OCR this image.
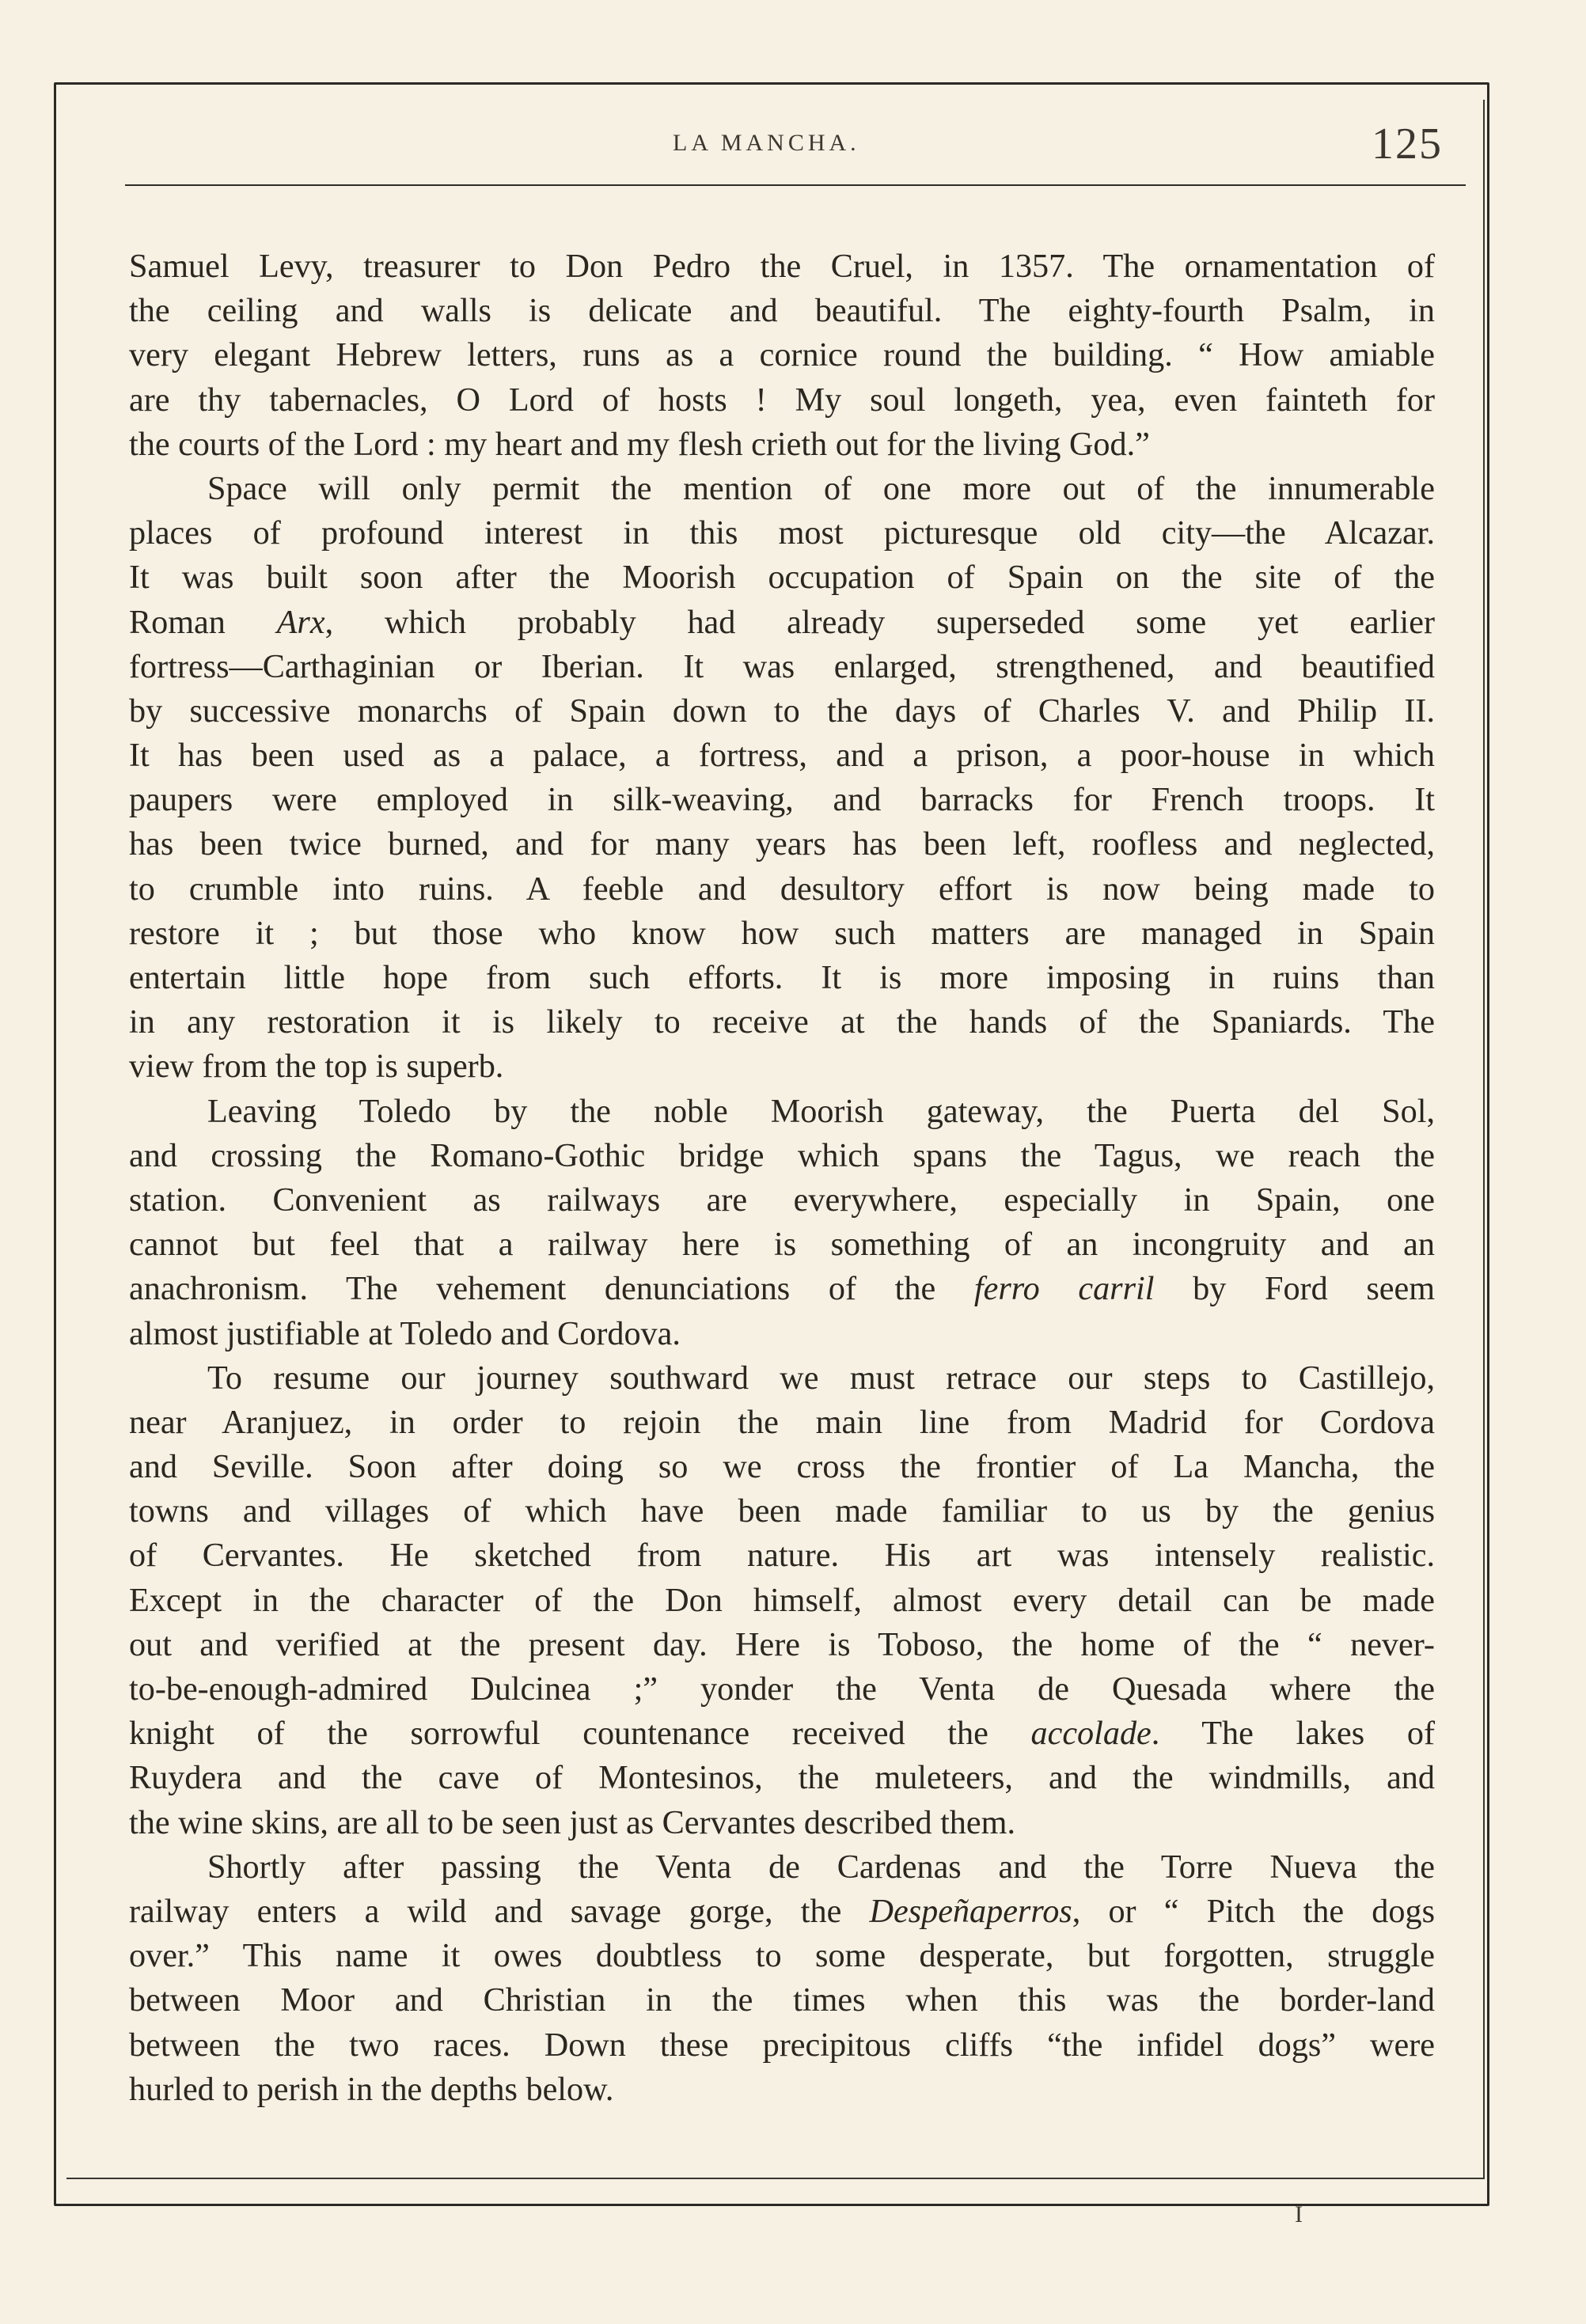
LA MANCHA.	125
Samuel Levy, treasurer to Don Pedro the Cruel, in 1357. The ornamentation of
the ceiling and walls is delicate and beautiful. The eighty-fourth Psalm, in
very elegant Hebrew letters, runs as a cornice round the building. “ How amiable
are thy tabernacles, O Lord of hosts ! My soul longeth, yea, even fainteth for
the courts of the Lord : my heart and my flesh crieth out for the living God.”
Space will only permit the mention of one more out of the innumerable
places of profound interest in this most picturesque old city—the Alcazar.
It was built soon after the Moorish occupation of Spain on the site of the
Roman Arx, which probably had already superseded some yet earlier
fortress—Carthaginian or Iberian. It was enlarged, strengthened, and beautified
by successive monarchs of Spain down to the days of Charles V. and Philip II.
It has been used as a palace, a fortress, and a prison, a poor-house in which
paupers were employed in silk-weaving, and barracks for French troops. It
has been twice burned, and for many years has been left, roofless and neglected,
to crumble into ruins. A feeble and desultory effort is now being made to
restore it ; but those who know how such matters are managed in Spain
entertain little hope from such efforts. It is more imposing in ruins than
in any restoration it is likely to receive at the hands of the Spaniards. The
view from the top is superb.
Leaving Toledo by the noble Moorish gateway, the Puerta del Sol,
and crossing the Romano-Gothic bridge which spans the Tagus, we reach the
station. Convenient as railways are everywhere, especially in Spain, one
cannot but feel that a railway here is something of an incongruity and an
anachronism. The vehement denunciations of the ferro carril by Ford seem
almost justifiable at Toledo and Cordova.
To resume our journey southward we must retrace our steps to Castillejo,
near Aranjuez, in order to rejoin the main line from Madrid for Cordova
and Seville. Soon after doing so we cross the frontier of La Mancha, the
towns and villages of which have been made familiar to us by the genius
of Cervantes. He sketched from nature. His art was intensely realistic.
Except in the character of the Don himself, almost every detail can be made
out and verified at the present day. Here is Toboso, the home of the “ never-
to-be-enough-admired Dulcinea ;” yonder the Venta de Quesada where the
knight of the sorrowful countenance received the accolade. The lakes of
Ruydera and the cave of Montesinos, the muleteers, and the windmills, and
the wine skins, are all to be seen just as Cervantes described them.
Shortly after passing the Venta de Cardenas and the Torre Nueva the
railway enters a wild and savage gorge, the Despeñaperros, or “ Pitch the dogs
over.” This name it owes doubtless to some desperate, but forgotten, struggle
between Moor and Christian in the times when this was the border-land
between the two races. Down these precipitous cliffs “the infidel dogs” were
hurled to perish in the depths below.
I
